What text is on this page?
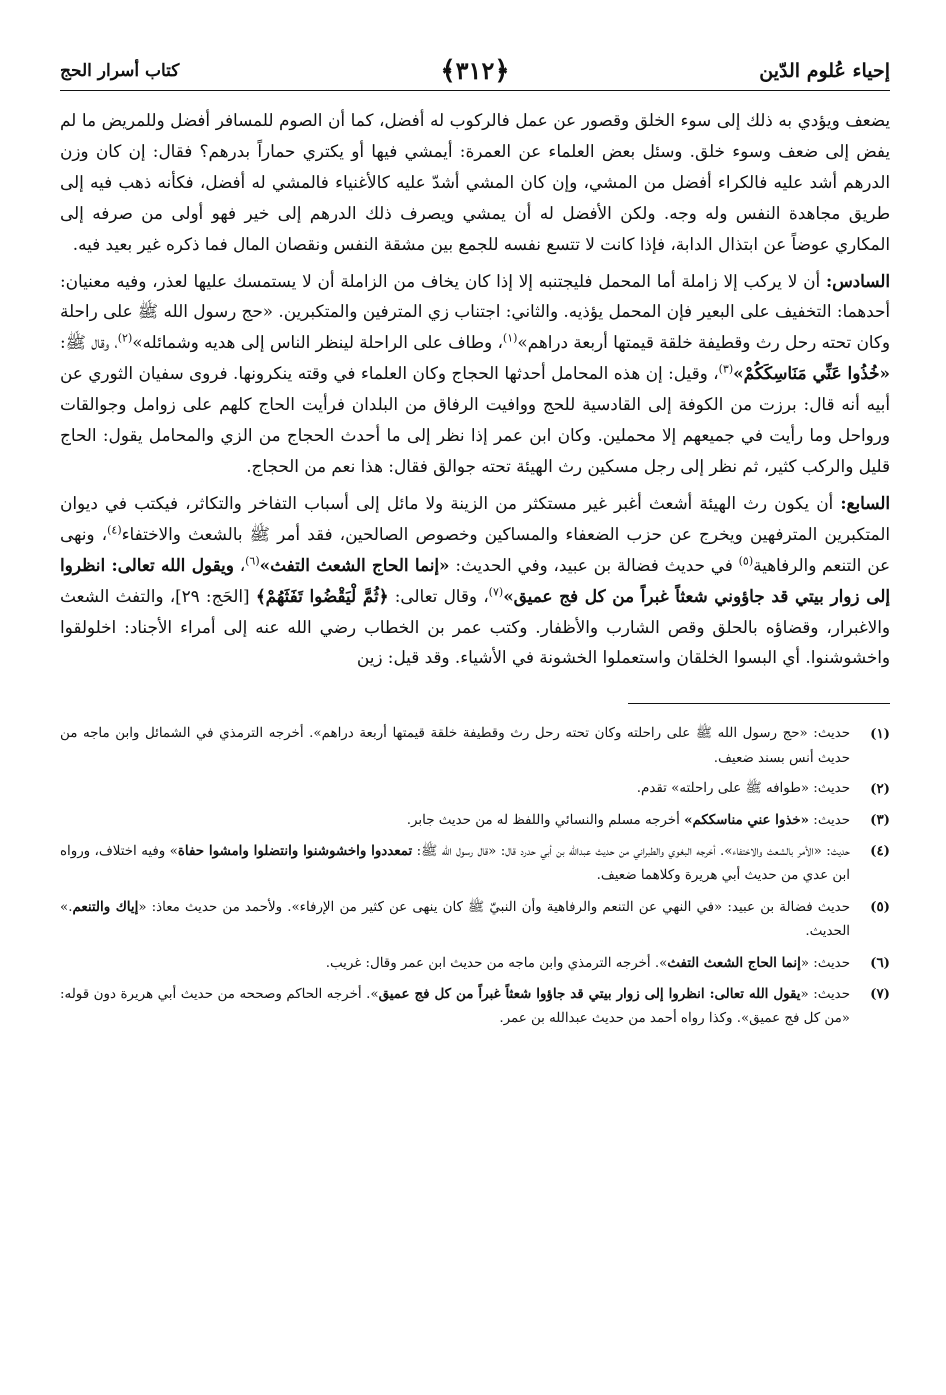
إحياء عُلوم الدّين
﴿٣١٢﴾
كتاب أسرار الحج

يضعف ويؤدي به ذلك إلى سوء الخلق وقصور عن عمل فالركوب له أفضل، كما أن الصوم للمسافر أفضل وللمريض ما لم يفض إلى ضعف وسوء خلق. وسئل بعض العلماء عن العمرة: أيمشي فيها أو يكتري حماراً بدرهم؟ فقال: إن كان وزن الدرهم أشد عليه فالكراء أفضل من المشي، وإن كان المشي أشدّ عليه كالأغنياء فالمشي له أفضل، فكأنه ذهب فيه إلى طريق مجاهدة النفس وله وجه. ولكن الأفضل له أن يمشي ويصرف ذلك الدرهم إلى خير فهو أولى من صرفه إلى المكاري عوضاً عن ابتذال الدابة، فإذا كانت لا تتسع نفسه للجمع بين مشقة النفس ونقصان المال فما ذكره غير بعيد فيه.

السادس: أن لا يركب إلا زاملة أما المحمل فليجتنبه إلا إذا كان يخاف من الزاملة أن لا يستمسك عليها لعذر، وفيه معنيان: أحدهما: التخفيف على البعير فإن المحمل يؤذيه. والثاني: اجتناب زي المترفين والمتكبرين. «حج رسول الله ﷺ على راحلة وكان تحته رحل رث وقطيفة خلقة قيمتها أربعة دراهم»$^{(١)}$، وطاف على الراحلة لينظر الناس إلى هديه وشمائله»$^{(٢)}$، وقال ﷺ: «خُذُوا عَنِّي مَنَاسِكَكُمْ»$^{(٣)}$، وقيل: إن هذه المحامل أحدثها الحجاج وكان العلماء في وقته ينكرونها. فروى سفيان الثوري عن أبيه أنه قال: برزت من الكوفة إلى القادسية للحج ووافيت الرفاق من البلدان فرأيت الحاج كلهم على زوامل وجوالقات ورواحل وما رأيت في جميعهم إلا محملين. وكان ابن عمر إذا نظر إلى ما أحدث الحجاج من الزي والمحامل يقول: الحاج قليل والركب كثير، ثم نظر إلى رجل مسكين رث الهيئة تحته جوالق فقال: هذا نعم من الحجاج.

السابع: أن يكون رث الهيئة أشعث أغبر غير مستكثر من الزينة ولا مائل إلى أسباب التفاخر والتكاثر، فيكتب في ديوان المتكبرين المترفهين ويخرج عن حزب الضعفاء والمساكين وخصوص الصالحين، فقد أمر ﷺ بالشعث والاختفاء$^{(٤)}$، ونهى عن التنعم والرفاهية$^{(٥)}$ في حديث فضالة بن عبيد، وفي الحديث: «إنما الحاج الشعث التفث»$^{(٦)}$، ويقول الله تعالى: انظروا إلى زوار بيتي قد جاؤوني شعثاً غبراً من كل فج عميق»$^{(٧)}$، وقال تعالى: ﴿ثُمَّ لْيَقْضُوا تَفَثَهُمْ﴾ [الحَج: ٢٩]، والتفث الشعث والاغبرار، وقضاؤه بالحلق وقص الشارب والأظفار. وكتب عمر بن الخطاب رضي الله عنه إلى أمراء الأجناد: اخلولقوا واخشوشنوا. أي البسوا الخلقان واستعملوا الخشونة في الأشياء. وقد قيل: زين

(١)
حديث: «حج رسول الله ﷺ على راحلته وكان تحته رحل رث وقطيفة خلقة قيمتها أربعة دراهم». أخرجه الترمذي في الشمائل وابن ماجه من حديث أنس بسند ضعيف.
(٢)
حديث: «طوافه ﷺ على راحلته» تقدم.
(٣)
حديث: «خذوا عني مناسككم» أخرجه مسلم والنسائي واللفظ له من حديث جابر.
(٤)
حديث: «الأمر بالشعث والاختفاء». أخرجه البغوي والطبراني من حديث عبدالله بن أبي حدرد قال: «قال رسول الله ﷺ: تمعددوا واخشوشنوا وانتضلوا وامشوا حفاة» وفيه اختلاف، ورواه ابن عدي من حديث أبي هريرة وكلاهما ضعيف.
(٥)
حديث فضالة بن عبيد: «في النهي عن التنعم والرفاهية وأن النبيّ ﷺ كان ينهى عن كثير من الإرفاء». ولأحمد من حديث معاذ: «إياك والتنعم.» الحديث.
(٦)
حديث: «إنما الحاج الشعث التفث». أخرجه الترمذي وابن ماجه من حديث ابن عمر وقال: غريب.
(٧)
حديث: «يقول الله تعالى: انظروا إلى زوار بيتي قد جاؤوا شعثاً غبراً من كل فج عميق». أخرجه الحاكم وصححه من حديث أبي هريرة دون قوله: «من كل فج عميق». وكذا رواه أحمد من حديث عبدالله بن عمر.
